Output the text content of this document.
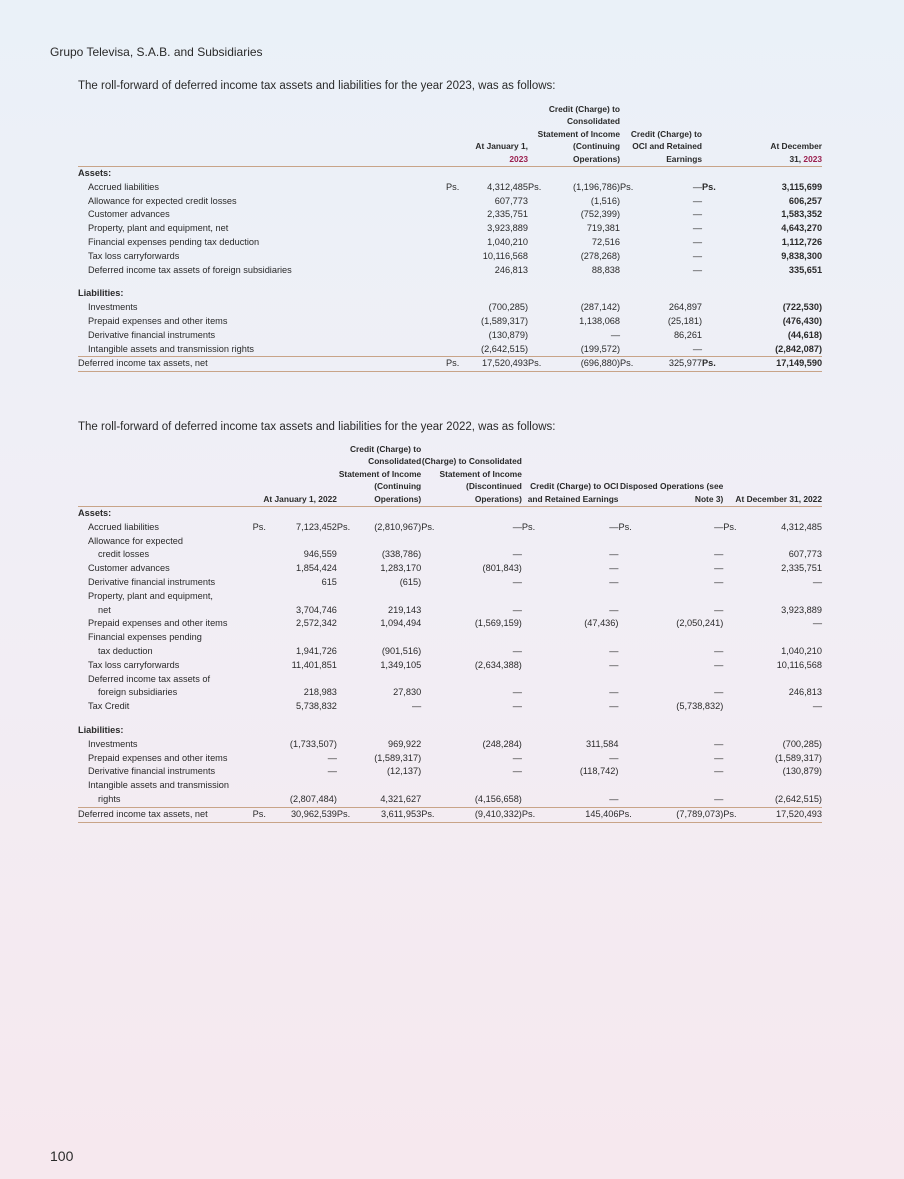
Grupo Televisa, S.A.B. and Subsidiaries
The roll-forward of deferred income tax assets and liabilities for the year 2023, was as follows:
	At January 1,
2023		Credit (Charge) to Consolidated Statement of Income (Continuing Operations)		Credit (Charge) to OCI and Retained Earnings		At December
31, 2023	
Assets:								
Accrued liabilities	Ps.	4,312,485	Ps.	(1,196,786)	Ps.	—	Ps.	3,115,699
Allowance for expected credit losses		607,773		(1,516)		—		606,257
Customer advances		2,335,751		(752,399)		—		1,583,352
Property, plant and equipment, net		3,923,889		719,381		—		4,643,270
Financial expenses pending tax deduction		1,040,210		72,516		—		1,112,726
Tax loss carryforwards		10,116,568		(278,268)		—		9,838,300
Deferred income tax assets of foreign subsidiaries		246,813		88,838		—		335,651

Liabilities:								
Investments		(700,285)		(287,142)		264,897		(722,530)
Prepaid expenses and other items		(1,589,317)		1,138,068		(25,181)		(476,430)
Derivative financial instruments		(130,879)		—		86,261		(44,618)
Intangible assets and transmission rights		(2,642,515)		(199,572)		—		(2,842,087)
Deferred income tax assets, net	Ps.	17,520,493	Ps.	(696,880)	Ps.	325,977	Ps.	17,149,590
The roll-forward of deferred income tax assets and liabilities for the year 2022, was as follows:
	At January 1, 2022		Credit (Charge) to Consolidated Statement of Income (Continuing Operations)		(Charge) to Consolidated Statement of Income (Discontinued Operations)		Credit (Charge) to OCI and Retained Earnings		Disposed Operations (see Note 3)		At December 31, 2022	
Assets:												
Accrued liabilities	Ps.	7,123,452	Ps.	(2,810,967)	Ps.	—	Ps.	—	Ps.	—	Ps.	4,312,485
Allowance for expected												
credit losses		946,559		(338,786)		—		—		—		607,773
Customer advances		1,854,424		1,283,170		(801,843)		—		—		2,335,751
Derivative financial instruments		615		(615)		—		—		—		—
Property, plant and equipment,												
net		3,704,746		219,143		—		—		—		3,923,889
Prepaid expenses and other items		2,572,342		1,094,494		(1,569,159)		(47,436)		(2,050,241)		—
Financial expenses pending												
tax deduction		1,941,726		(901,516)		—		—		—		1,040,210
Tax loss carryforwards		11,401,851		1,349,105		(2,634,388)		—		—		10,116,568
Deferred income tax assets of												
foreign subsidiaries		218,983		27,830		—		—		—		246,813
Tax Credit		5,738,832		—		—		—		(5,738,832)		—

Liabilities:												
Investments		(1,733,507)		969,922		(248,284)		311,584		—		(700,285)
Prepaid expenses and other items		—		(1,589,317)		—		—		—		(1,589,317)
Derivative financial instruments		—		(12,137)		—		(118,742)		—		(130,879)
Intangible assets and transmission												
rights		(2,807,484)		4,321,627		(4,156,658)		—		—		(2,642,515)
Deferred income tax assets, net	Ps.	30,962,539	Ps.	3,611,953	Ps.	(9,410,332)	Ps.	145,406	Ps.	(7,789,073)	Ps.	17,520,493
100
